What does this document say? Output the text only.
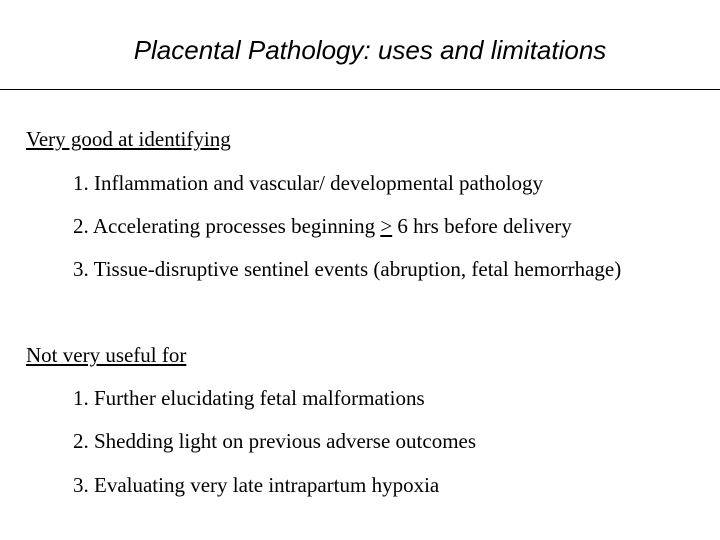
Placental Pathology: uses and limitations
Very good at identifying
1. Inflammation and vascular/ developmental pathology
2. Accelerating processes beginning ≥ 6 hrs before delivery
3. Tissue-disruptive sentinel events (abruption, fetal hemorrhage)
Not very useful for
1. Further elucidating fetal malformations
2. Shedding light on previous adverse outcomes
3. Evaluating very late intrapartum hypoxia
